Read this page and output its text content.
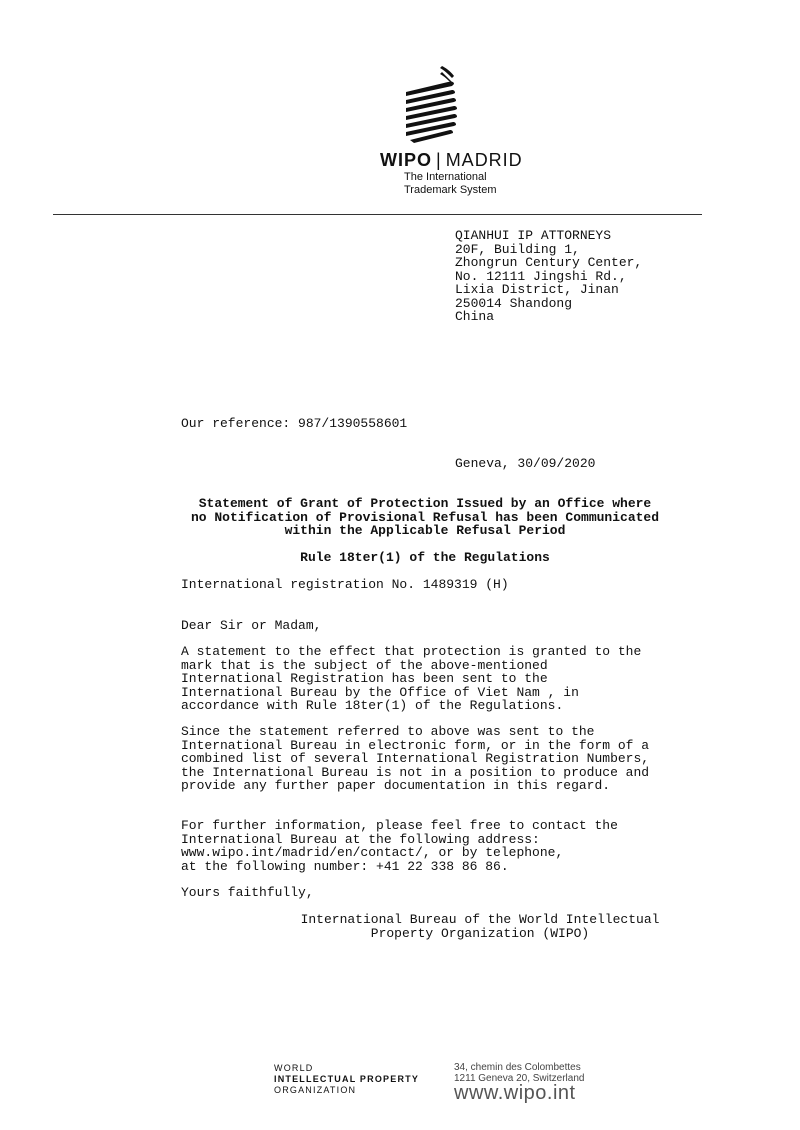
WIPO | MADRID
The International
Trademark System
QIANHUI IP ATTORNEYS
20F, Building 1,
Zhongrun Century Center,
No. 12111 Jingshi Rd.,
Lixia District, Jinan
250014 Shandong
China
Our reference: 987/1390558601
Geneva, 30/09/2020
Statement of Grant of Protection Issued by an Office where
no Notification of Provisional Refusal has been Communicated
within the Applicable Refusal Period
Rule 18ter(1) of the Regulations
International registration No. 1489319 (H)
Dear Sir or Madam,
A statement to the effect that protection is granted to the
mark that is the subject of the above-mentioned
International Registration has been sent to the
International Bureau by the Office of Viet Nam , in
accordance with Rule 18ter(1) of the Regulations.
Since the statement referred to above was sent to the
International Bureau in electronic form, or in the form of a
combined list of several International Registration Numbers,
the International Bureau is not in a position to produce and
provide any further paper documentation in this regard.
For further information, please feel free to contact the
International Bureau at the following address:
www.wipo.int/madrid/en/contact/, or by telephone,
at the following number: +41 22 338 86 86.
Yours faithfully,
International Bureau of the World Intellectual
Property Organization (WIPO)
WORLD
INTELLECTUAL PROPERTY
ORGANIZATION
34, chemin des Colombettes
1211 Geneva 20, Switzerland
www.wipo.int
